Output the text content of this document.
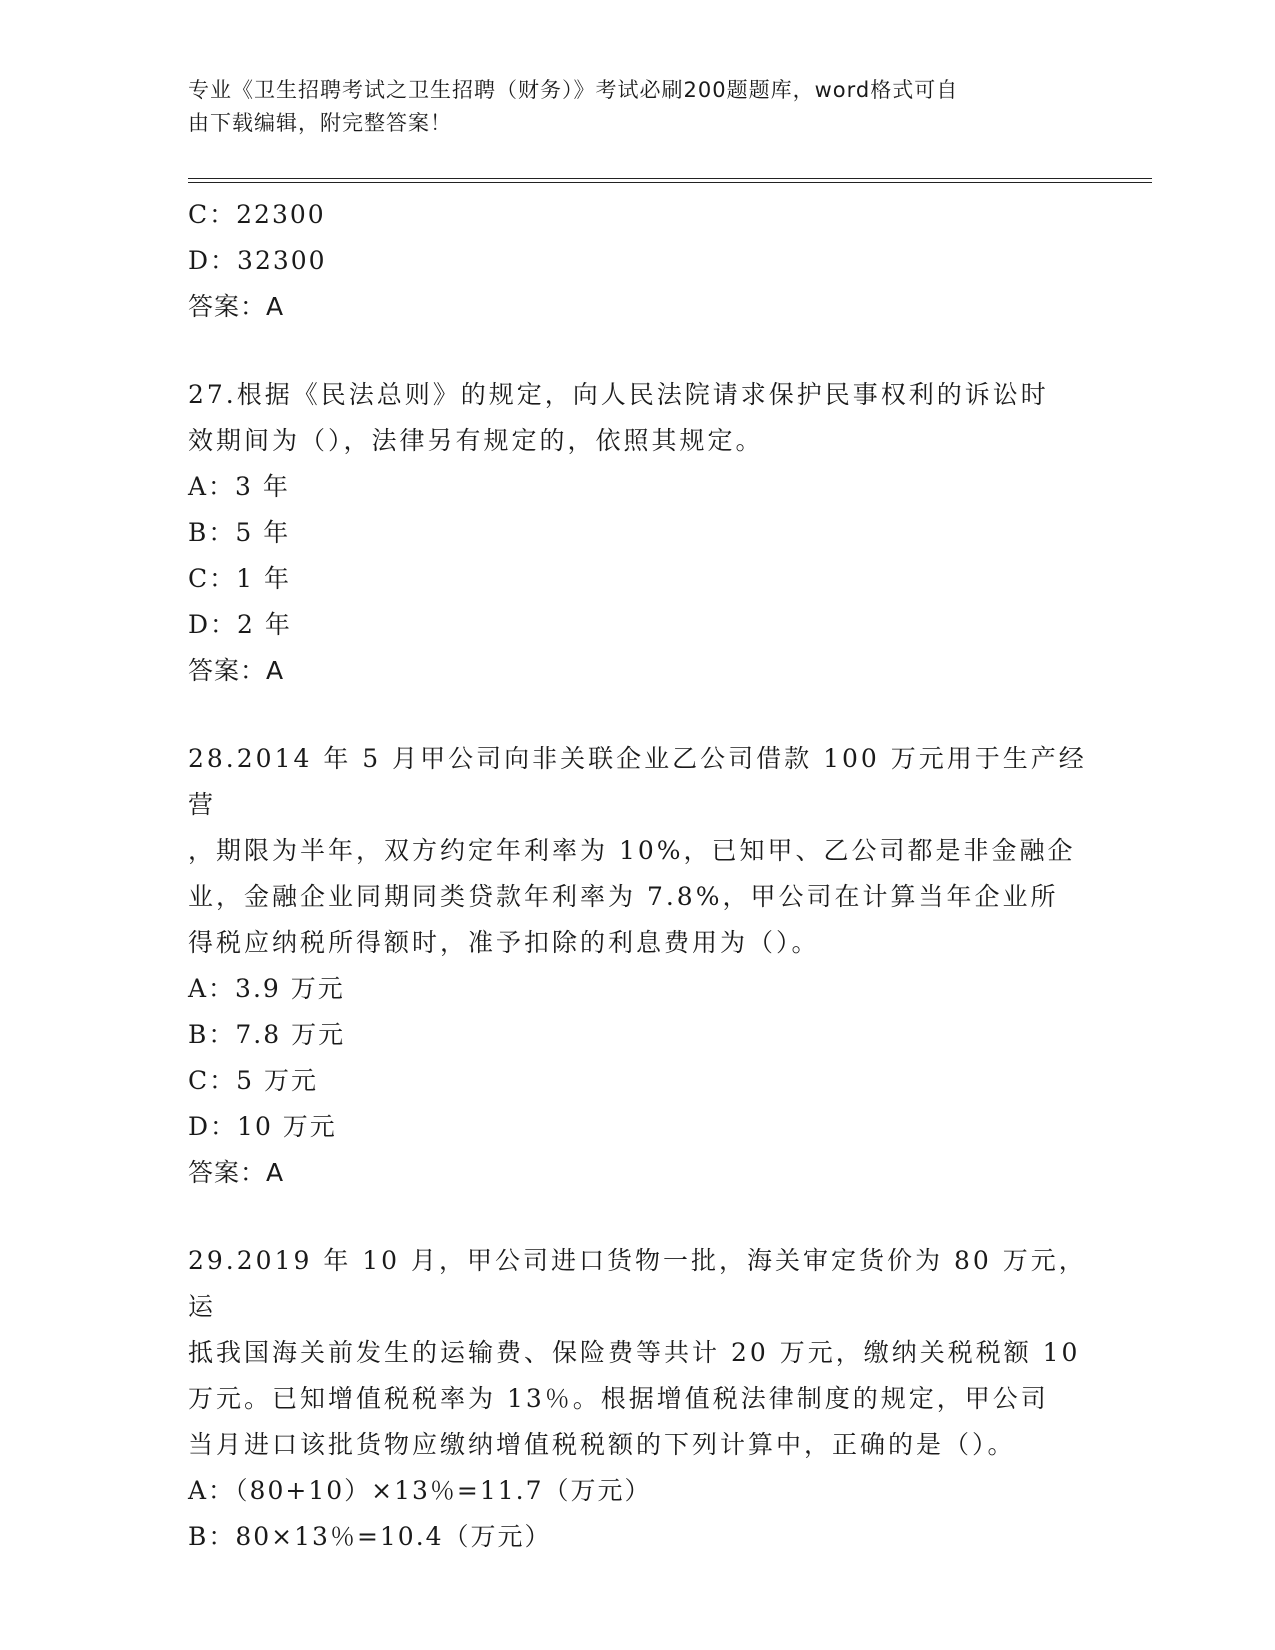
专业《卫生招聘考试之卫生招聘（财务）》考试必刷200题题库，word格式可自
由下载编辑，附完整答案！

C：22300

D：32300

答案：A

27.根据《民法总则》的规定，向人民法院请求保护民事权利的诉讼时

效期间为（），法律另有规定的，依照其规定。

A：3 年

B：5 年

C：1 年

D：2 年

答案：A

28.2014 年 5 月甲公司向非关联企业乙公司借款 100 万元用于生产经营

，期限为半年，双方约定年利率为 10%，已知甲、乙公司都是非金融企

业，金融企业同期同类贷款年利率为 7.8%，甲公司在计算当年企业所

得税应纳税所得额时，准予扣除的利息费用为（）。

A：3.9 万元

B：7.8 万元

C：5 万元

D：10 万元

答案：A

29.2019 年 10 月，甲公司进口货物一批，海关审定货价为 80 万元，运

抵我国海关前发生的运输费、保险费等共计 20 万元，缴纳关税税额 10

万元。已知增值税税率为 13％。根据增值税法律制度的规定，甲公司

当月进口该批货物应缴纳增值税税额的下列计算中，正确的是（）。

A：（80+10）×13％=11.7（万元）

B：80×13％=10.4（万元）
